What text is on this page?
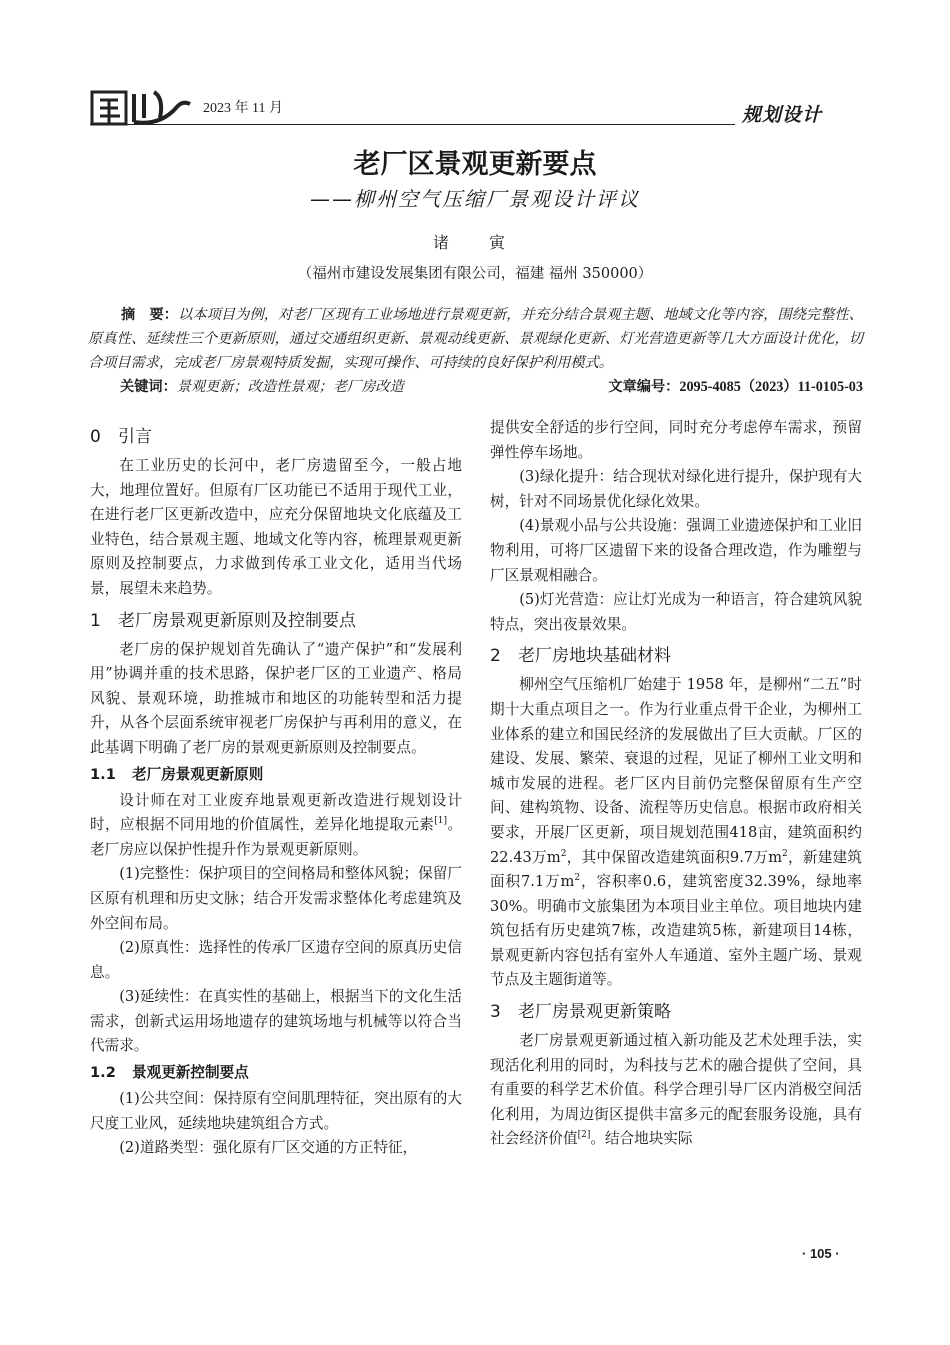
2023 年 11 月	规划设计
老厂区景观更新要点
——柳州空气压缩厂景观设计评议
诸　寅
（福州市建设发展集团有限公司，福建 福州 350000）
摘　要：以本项目为例，对老厂区现有工业场地进行景观更新，并充分结合景观主题、地域文化等内容，围绕完整性、原真性、延续性三个更新原则，通过交通组织更新、景观动线更新、景观绿化更新、灯光营造更新等几大方面设计优化，切合项目需求，完成老厂房景观特质发掘，实现可操作、可持续的良好保护利用模式。
关键词：景观更新；改造性景观；老厂房改造	文章编号：2095-4085（2023）11-0105-03
0 引言

在工业历史的长河中，老厂房遗留至今，一般占地大，地理位置好。但原有厂区功能已不适用于现代工业，在进行老厂区更新改造中，应充分保留地块文化底蕴及工业特色，结合景观主题、地域文化等内容，梳理景观更新原则及控制要点，力求做到传承工业文化，适用当代场景，展望未来趋势。

1 老厂房景观更新原则及控制要点

老厂房的保护规划首先确认了“遗产保护”和“发展利用”协调并重的技术思路，保护老厂区的工业遗产、格局风貌、景观环境，助推城市和地区的功能转型和活力提升，从各个层面系统审视老厂房保护与再利用的意义，在此基调下明确了老厂房的景观更新原则及控制要点。

1.1 老厂房景观更新原则

设计师在对工业废弃地景观更新改造进行规划设计时，应根据不同用地的价值属性，差异化地提取元素[1]。老厂房应以保护性提升作为景观更新原则。

(1)完整性：保护项目的空间格局和整体风貌；保留厂区原有机理和历史文脉；结合开发需求整体化考虑建筑及外空间布局。

(2)原真性：选择性的传承厂区遗存空间的原真历史信息。

(3)延续性：在真实性的基础上，根据当下的文化生活需求，创新式运用场地遗存的建筑场地与机械等以符合当代需求。

1.2 景观更新控制要点

(1)公共空间：保持原有空间肌理特征，突出原有的大尺度工业风，延续地块建筑组合方式。

(2)道路类型：强化原有厂区交通的方正特征，

提供安全舒适的步行空间，同时充分考虑停车需求，预留弹性停车场地。

(3)绿化提升：结合现状对绿化进行提升，保护现有大树，针对不同场景优化绿化效果。

(4)景观小品与公共设施：强调工业遗迹保护和工业旧物利用，可将厂区遗留下来的设备合理改造，作为雕塑与厂区景观相融合。

(5)灯光营造：应让灯光成为一种语言，符合建筑风貌特点，突出夜景效果。

2 老厂房地块基础材料

柳州空气压缩机厂始建于 1958 年，是柳州“二五”时期十大重点项目之一。作为行业重点骨干企业，为柳州工业体系的建立和国民经济的发展做出了巨大贡献。厂区的建设、发展、繁荣、衰退的过程，见证了柳州工业文明和城市发展的进程。老厂区内目前仍完整保留原有生产空间、建构筑物、设备、流程等历史信息。根据市政府相关要求，开展厂区更新，项目规划范围418亩，建筑面积约22.43万$m^2$，其中保留改造建筑面积9.7万$m^2$，新建建筑面积7.1万$m^2$，容积率0.6，建筑密度32.39%，绿地率30%。明确市文旅集团为本项目业主单位。项目地块内建筑包括有历史建筑7栋，改造建筑5栋，新建项目14栋，景观更新内容包括有室外人车通道、室外主题广场、景观节点及主题街道等。

3 老厂房景观更新策略

老厂房景观更新通过植入新功能及艺术处理手法，实现活化利用的同时，为科技与艺术的融合提供了空间，具有重要的科学艺术价值。科学合理引导厂区内消极空间活化利用，为周边街区提供丰富多元的配套服务设施，具有社会经济价值[2]。结合地块实际

· 105 ·
